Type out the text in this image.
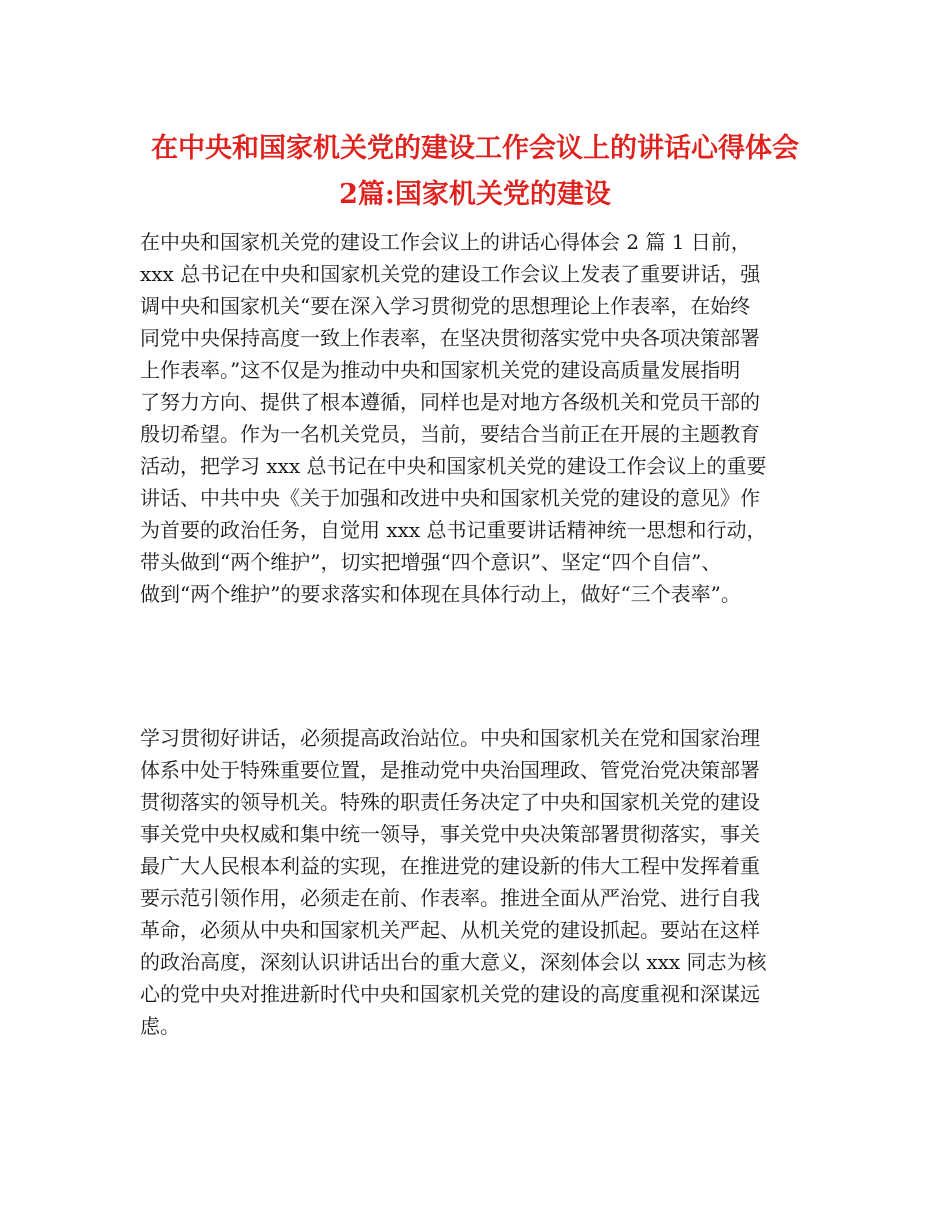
在中央和国家机关党的建设工作会议上的讲话心得体会
2篇:国家机关党的建设

在中央和国家机关党的建设工作会议上的讲话心得体会 2 篇 1 日前，
xxx 总书记在中央和国家机关党的建设工作会议上发表了重要讲话，强
调中央和国家机关“要在深入学习贯彻党的思想理论上作表率，在始终
同党中央保持高度一致上作表率，在坚决贯彻落实党中央各项决策部署
上作表率。”这不仅是为推动中央和国家机关党的建设高质量发展指明
了努力方向、提供了根本遵循，同样也是对地方各级机关和党员干部的
殷切希望。作为一名机关党员，当前，要结合当前正在开展的主题教育
活动，把学习 xxx 总书记在中央和国家机关党的建设工作会议上的重要
讲话、中共中央《关于加强和改进中央和国家机关党的建设的意见》作
为首要的政治任务，自觉用 xxx 总书记重要讲话精神统一思想和行动，
带头做到“两个维护”，切实把增强“四个意识”、坚定“四个自信”、
做到“两个维护”的要求落实和体现在具体行动上，做好“三个表率”。

学习贯彻好讲话，必须提高政治站位。中央和国家机关在党和国家治理
体系中处于特殊重要位置，是推动党中央治国理政、管党治党决策部署
贯彻落实的领导机关。特殊的职责任务决定了中央和国家机关党的建设
事关党中央权威和集中统一领导，事关党中央决策部署贯彻落实，事关
最广大人民根本利益的实现，在推进党的建设新的伟大工程中发挥着重
要示范引领作用，必须走在前、作表率。推进全面从严治党、进行自我
革命，必须从中央和国家机关严起、从机关党的建设抓起。要站在这样
的政治高度，深刻认识讲话出台的重大意义，深刻体会以 xxx 同志为核
心的党中央对推进新时代中央和国家机关党的建设的高度重视和深谋远
虑。
